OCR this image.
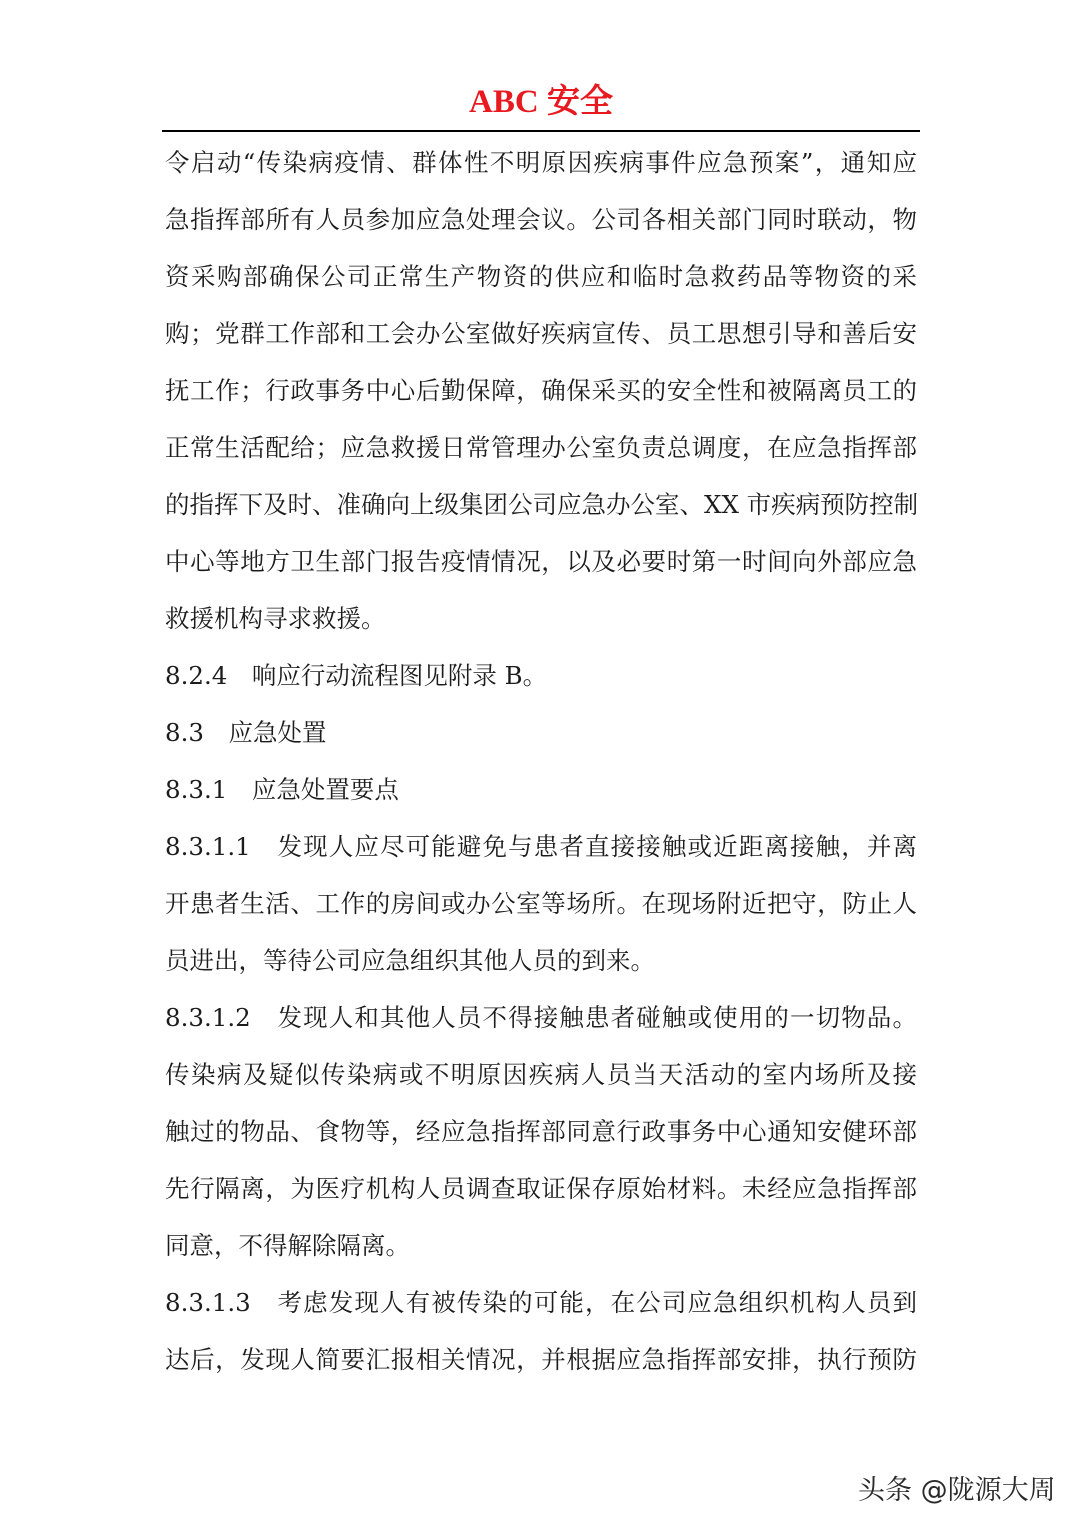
ABC 安全
令启动“传染病疫情、群体性不明原因疾病事件应急预案”，通知应
急指挥部所有人员参加应急处理会议。公司各相关部门同时联动，物
资采购部确保公司正常生产物资的供应和临时急救药品等物资的采
购；党群工作部和工会办公室做好疾病宣传、员工思想引导和善后安
抚工作；行政事务中心后勤保障，确保采买的安全性和被隔离员工的
正常生活配给；应急救援日常管理办公室负责总调度，在应急指挥部
的指挥下及时、准确向上级集团公司应急办公室、XX 市疾病预防控制
中心等地方卫生部门报告疫情情况，以及必要时第一时间向外部应急
救援机构寻求救援。
8.2.4　响应行动流程图见附录 B。
8.3　应急处置
8.3.1　应急处置要点
8.3.1.1　发现人应尽可能避免与患者直接接触或近距离接触，并离
开患者生活、工作的房间或办公室等场所。在现场附近把守，防止人
员进出，等待公司应急组织其他人员的到来。
8.3.1.2　发现人和其他人员不得接触患者碰触或使用的一切物品。
传染病及疑似传染病或不明原因疾病人员当天活动的室内场所及接
触过的物品、食物等，经应急指挥部同意行政事务中心通知安健环部
先行隔离，为医疗机构人员调查取证保存原始材料。未经应急指挥部
同意，不得解除隔离。
8.3.1.3　考虑发现人有被传染的可能，在公司应急组织机构人员到
达后，发现人简要汇报相关情况，并根据应急指挥部安排，执行预防
头条 @陇源大周
